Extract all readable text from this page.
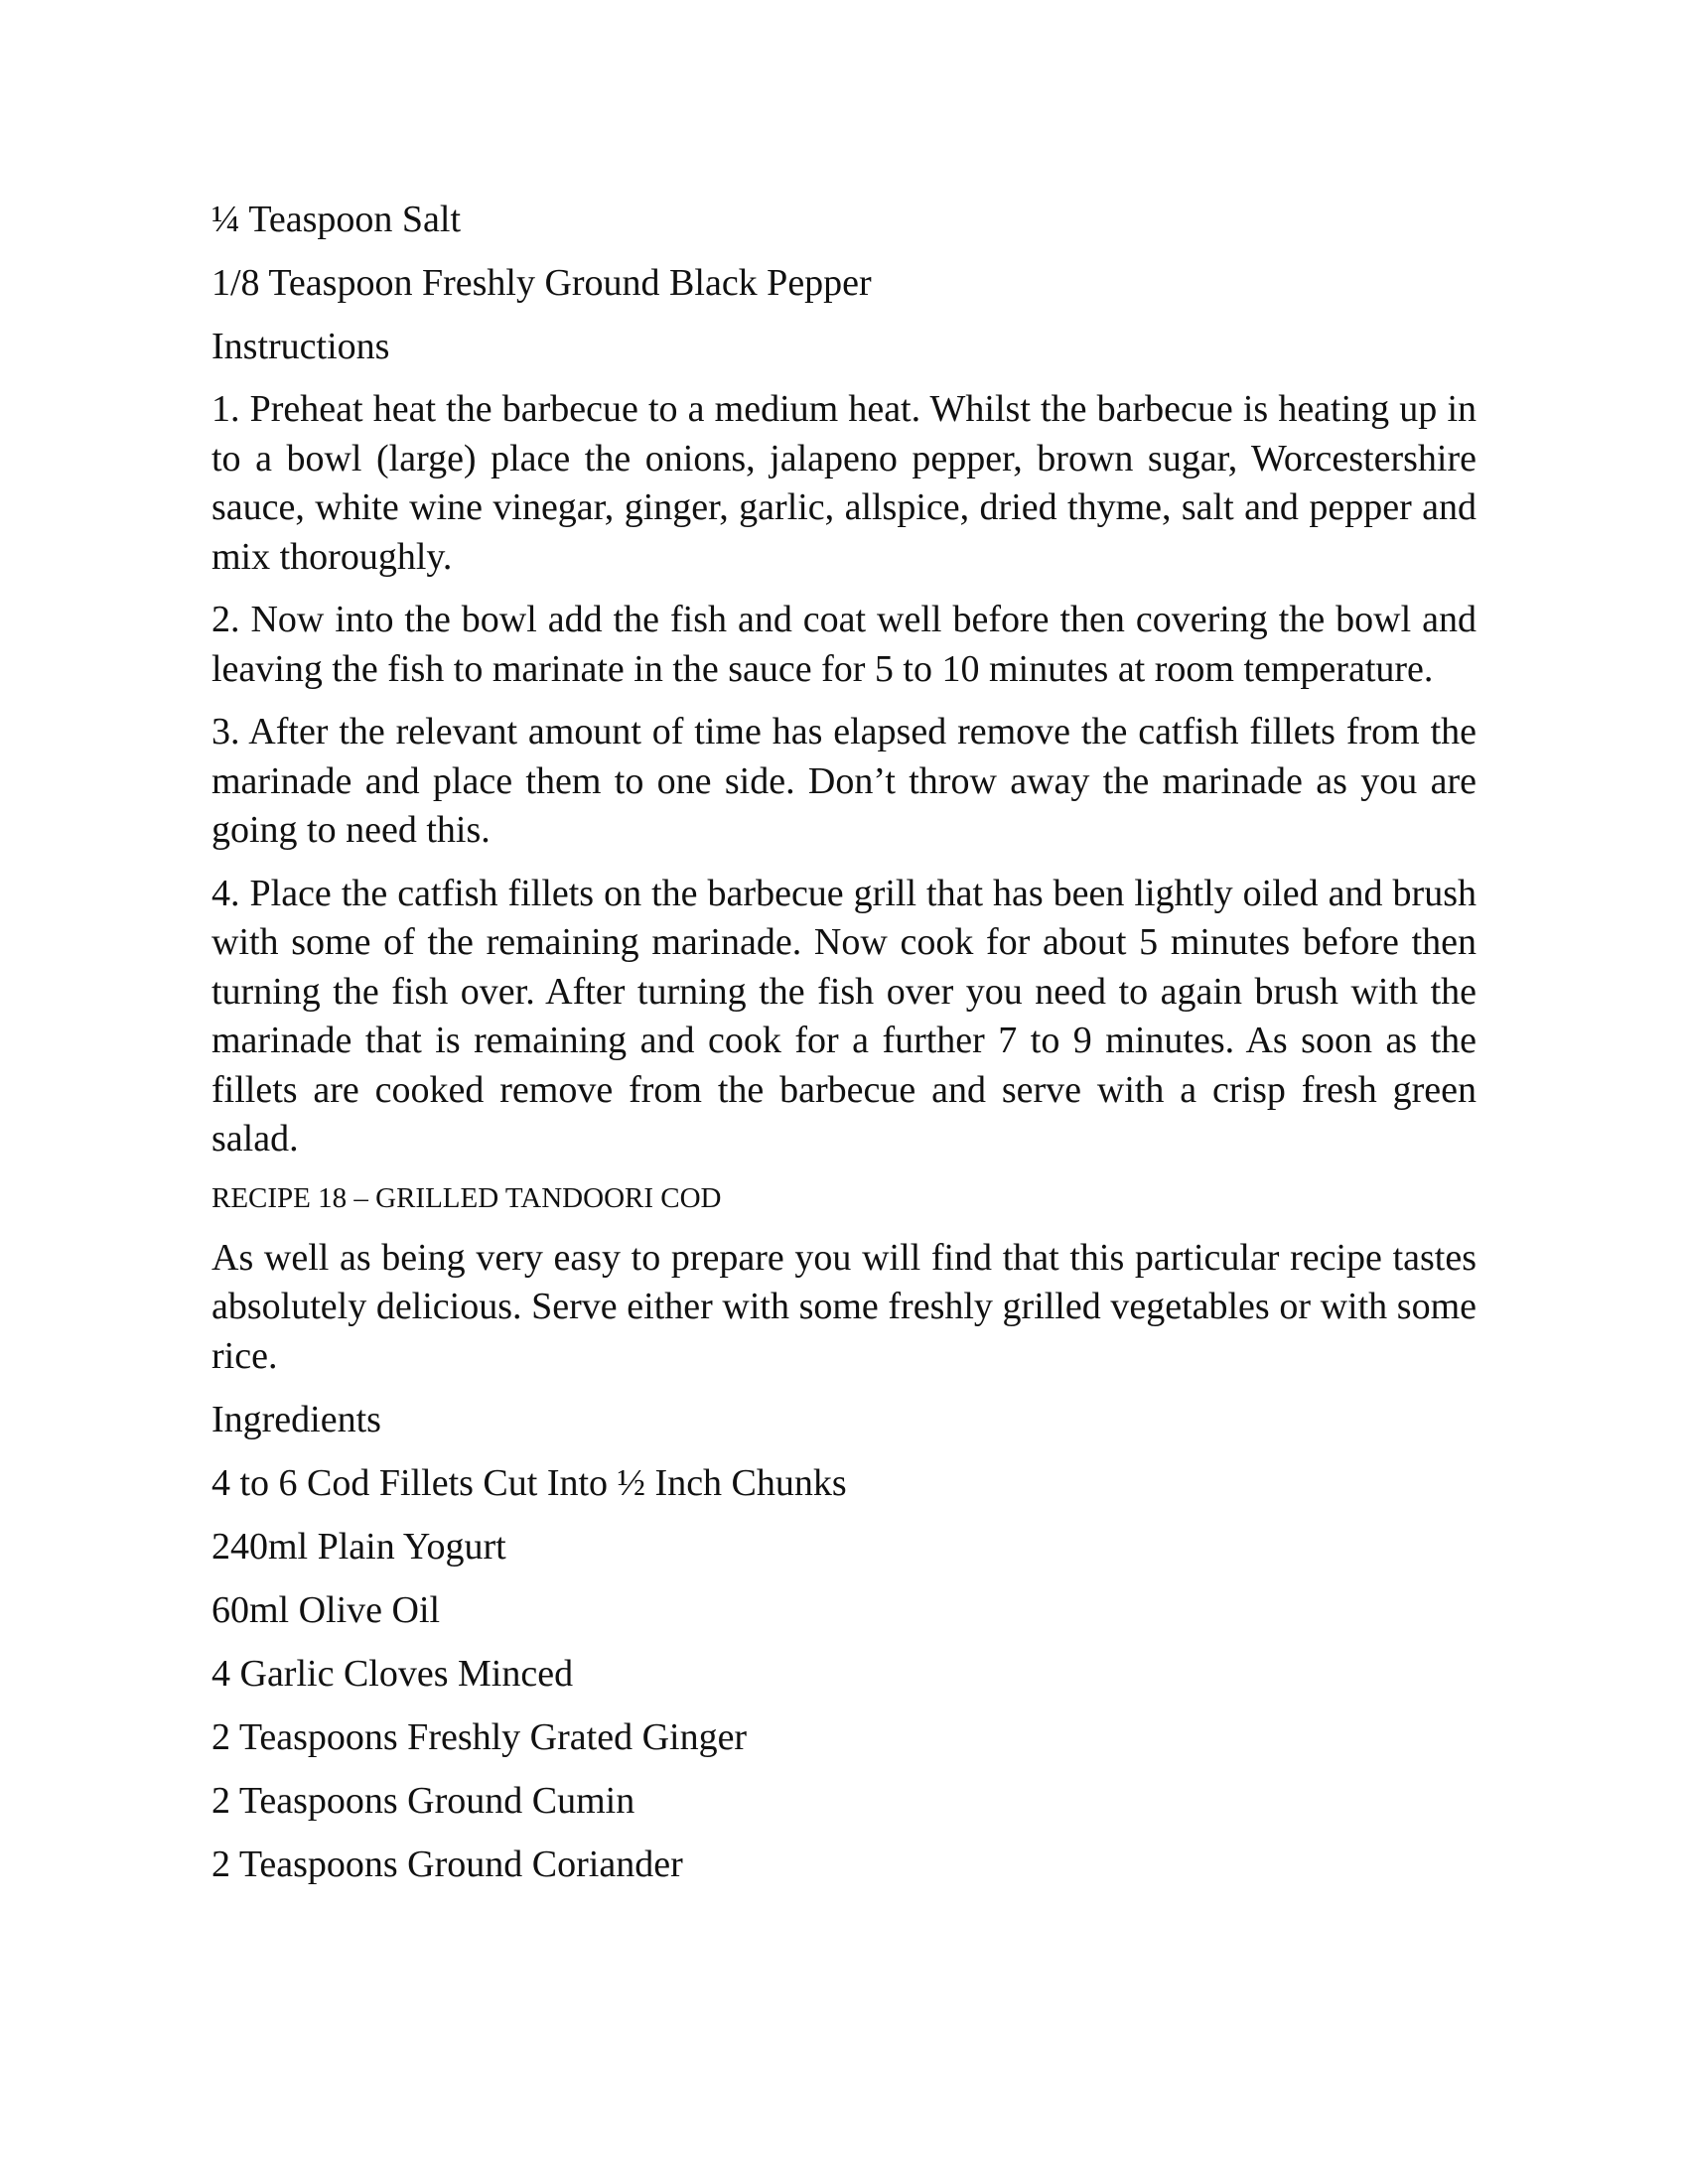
¼ Teaspoon Salt

1/8 Teaspoon Freshly Ground Black Pepper

Instructions

1. Preheat heat the barbecue to a medium heat. Whilst the barbecue is heating up in to a bowl (large) place the onions, jalapeno pepper, brown sugar, Worcestershire sauce, white wine vinegar, ginger, garlic, allspice, dried thyme, salt and pepper and mix thoroughly.

2. Now into the bowl add the fish and coat well before then covering the bowl and leaving the fish to marinate in the sauce for 5 to 10 minutes at room temperature.

3. After the relevant amount of time has elapsed remove the catfish fillets from the marinade and place them to one side. Don’t throw away the marinade as you are going to need this.

4. Place the catfish fillets on the barbecue grill that has been lightly oiled and brush with some of the remaining marinade. Now cook for about 5 minutes before then turning the fish over. After turning the fish over you need to again brush with the marinade that is remaining and cook for a further 7 to 9 minutes. As soon as the fillets are cooked remove from the barbecue and serve with a crisp fresh green salad.

RECIPE 18 – GRILLED TANDOORI COD

As well as being very easy to prepare you will find that this particular recipe tastes absolutely delicious. Serve either with some freshly grilled vegetables or with some rice.

Ingredients

4 to 6 Cod Fillets Cut Into ½ Inch Chunks

240ml Plain Yogurt

60ml Olive Oil

4 Garlic Cloves Minced

2 Teaspoons Freshly Grated Ginger

2 Teaspoons Ground Cumin

2 Teaspoons Ground Coriander
